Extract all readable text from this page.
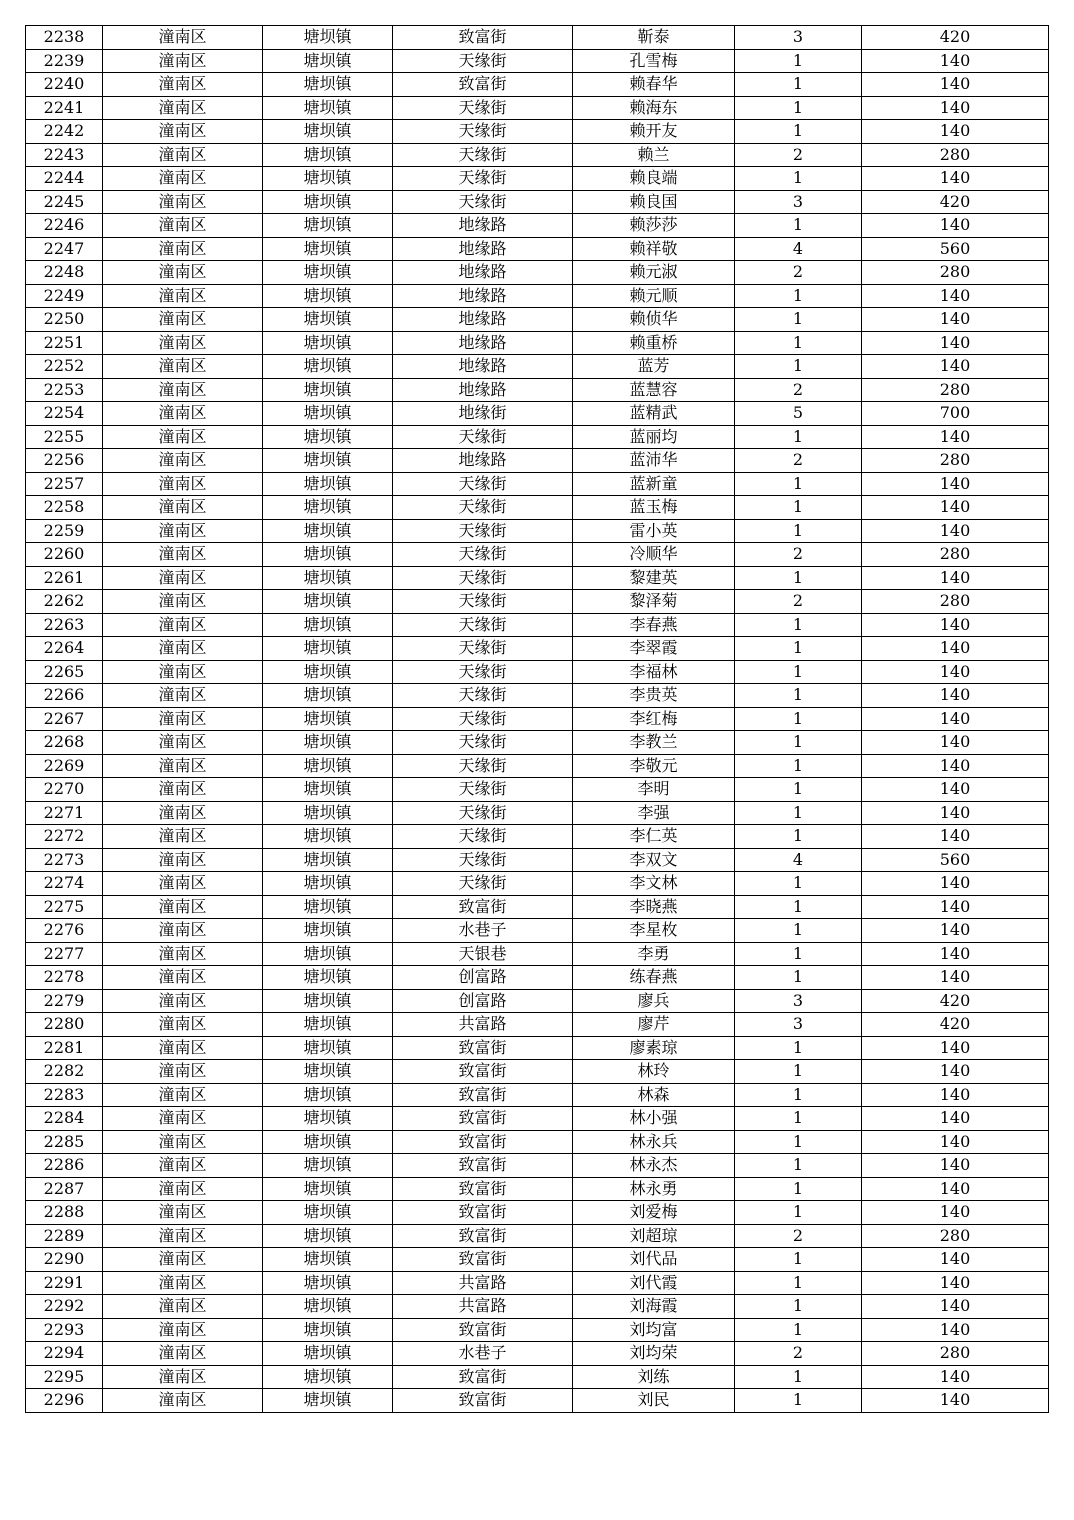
2238	潼南区	塘坝镇	致富街	靳泰	3	420
2239	潼南区	塘坝镇	天缘街	孔雪梅	1	140
2240	潼南区	塘坝镇	致富街	赖春华	1	140
2241	潼南区	塘坝镇	天缘街	赖海东	1	140
2242	潼南区	塘坝镇	天缘街	赖开友	1	140
2243	潼南区	塘坝镇	天缘街	赖兰	2	280
2244	潼南区	塘坝镇	天缘街	赖良端	1	140
2245	潼南区	塘坝镇	天缘街	赖良国	3	420
2246	潼南区	塘坝镇	地缘路	赖莎莎	1	140
2247	潼南区	塘坝镇	地缘路	赖祥敬	4	560
2248	潼南区	塘坝镇	地缘路	赖元淑	2	280
2249	潼南区	塘坝镇	地缘路	赖元顺	1	140
2250	潼南区	塘坝镇	地缘路	赖侦华	1	140
2251	潼南区	塘坝镇	地缘路	赖重桥	1	140
2252	潼南区	塘坝镇	地缘路	蓝芳	1	140
2253	潼南区	塘坝镇	地缘路	蓝慧容	2	280
2254	潼南区	塘坝镇	地缘街	蓝精武	5	700
2255	潼南区	塘坝镇	天缘街	蓝丽均	1	140
2256	潼南区	塘坝镇	地缘路	蓝沛华	2	280
2257	潼南区	塘坝镇	天缘街	蓝新童	1	140
2258	潼南区	塘坝镇	天缘街	蓝玉梅	1	140
2259	潼南区	塘坝镇	天缘街	雷小英	1	140
2260	潼南区	塘坝镇	天缘街	冷顺华	2	280
2261	潼南区	塘坝镇	天缘街	黎建英	1	140
2262	潼南区	塘坝镇	天缘街	黎泽菊	2	280
2263	潼南区	塘坝镇	天缘街	李春燕	1	140
2264	潼南区	塘坝镇	天缘街	李翠霞	1	140
2265	潼南区	塘坝镇	天缘街	李福林	1	140
2266	潼南区	塘坝镇	天缘街	李贵英	1	140
2267	潼南区	塘坝镇	天缘街	李红梅	1	140
2268	潼南区	塘坝镇	天缘街	李教兰	1	140
2269	潼南区	塘坝镇	天缘街	李敬元	1	140
2270	潼南区	塘坝镇	天缘街	李明	1	140
2271	潼南区	塘坝镇	天缘街	李强	1	140
2272	潼南区	塘坝镇	天缘街	李仁英	1	140
2273	潼南区	塘坝镇	天缘街	李双文	4	560
2274	潼南区	塘坝镇	天缘街	李文林	1	140
2275	潼南区	塘坝镇	致富街	李晓燕	1	140
2276	潼南区	塘坝镇	水巷子	李星枚	1	140
2277	潼南区	塘坝镇	天银巷	李勇	1	140
2278	潼南区	塘坝镇	创富路	练春燕	1	140
2279	潼南区	塘坝镇	创富路	廖兵	3	420
2280	潼南区	塘坝镇	共富路	廖芹	3	420
2281	潼南区	塘坝镇	致富街	廖素琼	1	140
2282	潼南区	塘坝镇	致富街	林玲	1	140
2283	潼南区	塘坝镇	致富街	林森	1	140
2284	潼南区	塘坝镇	致富街	林小强	1	140
2285	潼南区	塘坝镇	致富街	林永兵	1	140
2286	潼南区	塘坝镇	致富街	林永杰	1	140
2287	潼南区	塘坝镇	致富街	林永勇	1	140
2288	潼南区	塘坝镇	致富街	刘爱梅	1	140
2289	潼南区	塘坝镇	致富街	刘超琼	2	280
2290	潼南区	塘坝镇	致富街	刘代品	1	140
2291	潼南区	塘坝镇	共富路	刘代霞	1	140
2292	潼南区	塘坝镇	共富路	刘海霞	1	140
2293	潼南区	塘坝镇	致富街	刘均富	1	140
2294	潼南区	塘坝镇	水巷子	刘均荣	2	280
2295	潼南区	塘坝镇	致富街	刘练	1	140
2296	潼南区	塘坝镇	致富街	刘民	1	140
